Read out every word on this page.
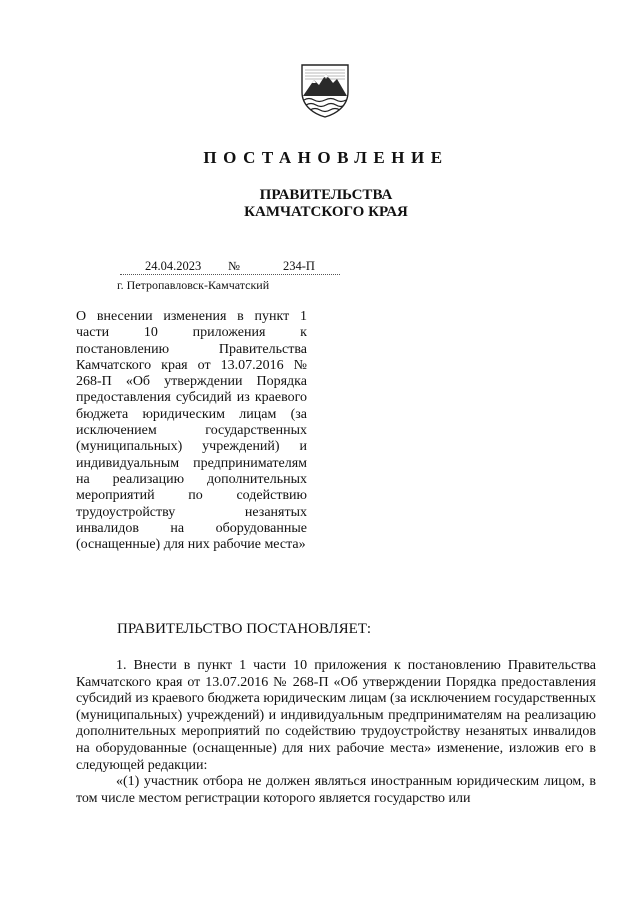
ПОСТАНОВЛЕНИЕ
ПРАВИТЕЛЬСТВА
КАМЧАТСКОГО КРАЯ
24.04.2023 №	234-П
г. Петропавловск-Камчатский
О внесении изменения в пункт 1 части 10 приложения к постановлению Правительства Камчатского края от 13.07.2016 № 268-П «Об утверждении Порядка предоставления субсидий из краевого бюджета юридическим лицам (за исключением государственных (муниципальных) учреждений) и индивидуальным предпринимателям на реализацию дополнительных мероприятий по содействию трудоустройству незанятых инвалидов на оборудованные (оснащенные) для них рабочие места»
ПРАВИТЕЛЬСТВО ПОСТАНОВЛЯЕТ:

1. Внести в пункт 1 части 10 приложения к постановлению Правительства Камчатского края от 13.07.2016 № 268-П «Об утверждении Порядка предоставления субсидий из краевого бюджета юридическим лицам (за исключением государственных (муниципальных) учреждений) и индивидуальным предпринимателям на реализацию дополнительных мероприятий по содействию трудоустройству незанятых инвалидов на оборудованные (оснащенные) для них рабочие места» изменение, изложив его в следующей редакции:

«(1) участник отбора не должен являться иностранным юридическим лицом, в том числе местом регистрации которого является государство или
